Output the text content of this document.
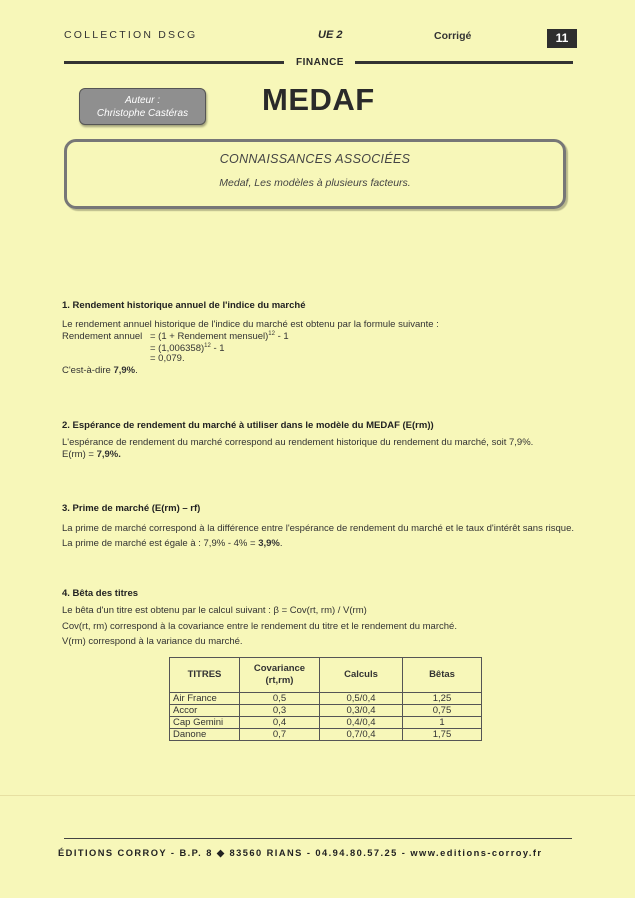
COLLECTION DSCG	UE 2	Corrigé	11
FINANCE
Auteur :
Christophe Castéras	MEDAF
CONNAISSANCES ASSOCIÉES
Medaf, Les modèles à plusieurs facteurs.
1. Rendement historique annuel de l'indice du marché
Le rendement annuel historique de l'indice du marché est obtenu par la formule suivante :
Rendement annuel = (1 + Rendement mensuel)$^{12}$ - 1
= $(1,006358)^{12} - 1$
= 0,079.
C'est-à-dire 7,9%.
2. Espérance de rendement du marché à utiliser dans le modèle du MEDAF (E(rm))
L'espérance de rendement du marché correspond au rendement historique du rendement du marché, soit 7,9%.
E(rm) = 7,9%.
3. Prime de marché (E(rm) – rf)
La prime de marché correspond à la différence entre l'espérance de rendement du marché et le taux d'intérêt sans risque. La prime de marché est égale à : 7,9% - 4% = 3,9%.
4. Bêta des titres
Le bêta d'un titre est obtenu par le calcul suivant : β = Cov(rt, rm) / V(rm)
Cov(rt, rm) correspond à la covariance entre le rendement du titre et le rendement du marché.
V(rm) correspond à la variance du marché.
TITRES	Covariance (rt,rm)	Calculs	Bêtas
Air France	0,5	0,5/0,4	1,25
Accor	0,3	0,3/0,4	0,75
Cap Gemini	0,4	0,4/0,4	1
Danone	0,7	0,7/0,4	1,75
ÉDITIONS CORROY - B.P. 8 ◆ 83560 RIANS - 04.94.80.57.25 - www.editions-corroy.fr
